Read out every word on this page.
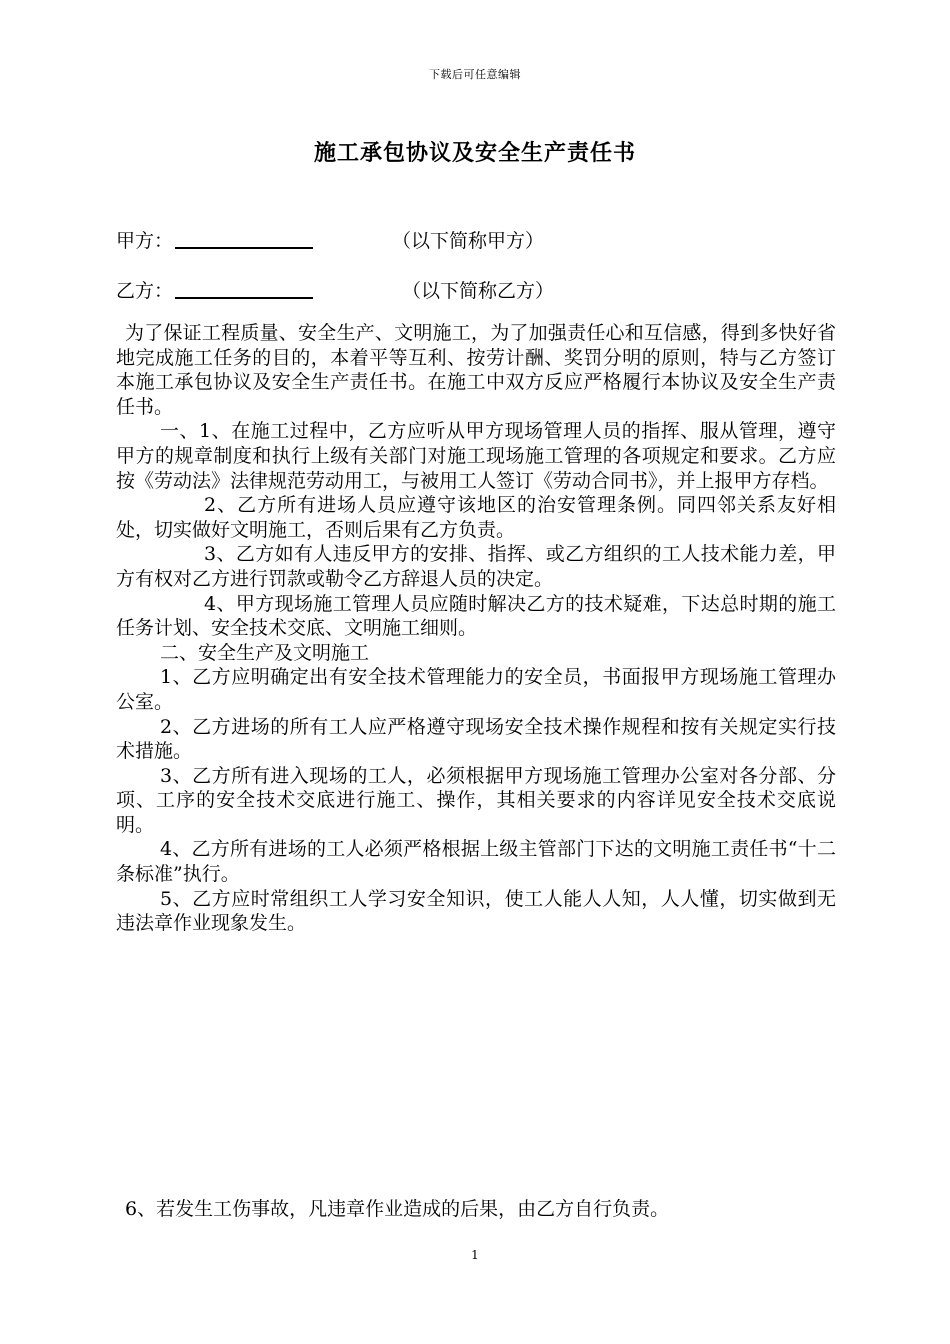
下载后可任意编辑
施工承包协议及安全生产责任书
甲方：	（以下简称甲方）
乙方：	（以下简称乙方）

为了保证工程质量、安全生产、文明施工，为了加强责任心和互信感，得到多快好省地完成施工任务的目的，本着平等互利、按劳计酬、奖罚分明的原则，特与乙方签订本施工承包协议及安全生产责任书。在施工中双方反应严格履行本协议及安全生产责任书。

一、1、在施工过程中，乙方应听从甲方现场管理人员的指挥、服从管理，遵守甲方的规章制度和执行上级有关部门对施工现场施工管理的各项规定和要求。乙方应按《劳动法》法律规范劳动用工，与被用工人签订《劳动合同书》，并上报甲方存档。

2、乙方所有进场人员应遵守该地区的治安管理条例。同四邻关系友好相处，切实做好文明施工，否则后果有乙方负责。

3、乙方如有人违反甲方的安排、指挥、或乙方组织的工人技术能力差，甲方有权对乙方进行罚款或勒令乙方辞退人员的决定。

4、甲方现场施工管理人员应随时解决乙方的技术疑难，下达总时期的施工任务计划、安全技术交底、文明施工细则。

二、安全生产及文明施工

1、乙方应明确定出有安全技术管理能力的安全员，书面报甲方现场施工管理办公室。

2、乙方进场的所有工人应严格遵守现场安全技术操作规程和按有关规定实行技术措施。

3、乙方所有进入现场的工人，必须根据甲方现场施工管理办公室对各分部、分项、工序的安全技术交底进行施工、操作，其相关要求的内容详见安全技术交底说明。

4、乙方所有进场的工人必须严格根据上级主管部门下达的文明施工责任书“十二条标准”执行。

5、乙方应时常组织工人学习安全知识，使工人能人人知，人人懂，切实做到无违法章作业现象发生。

6、若发生工伤事故，凡违章作业造成的后果，由乙方自行负责。
1
